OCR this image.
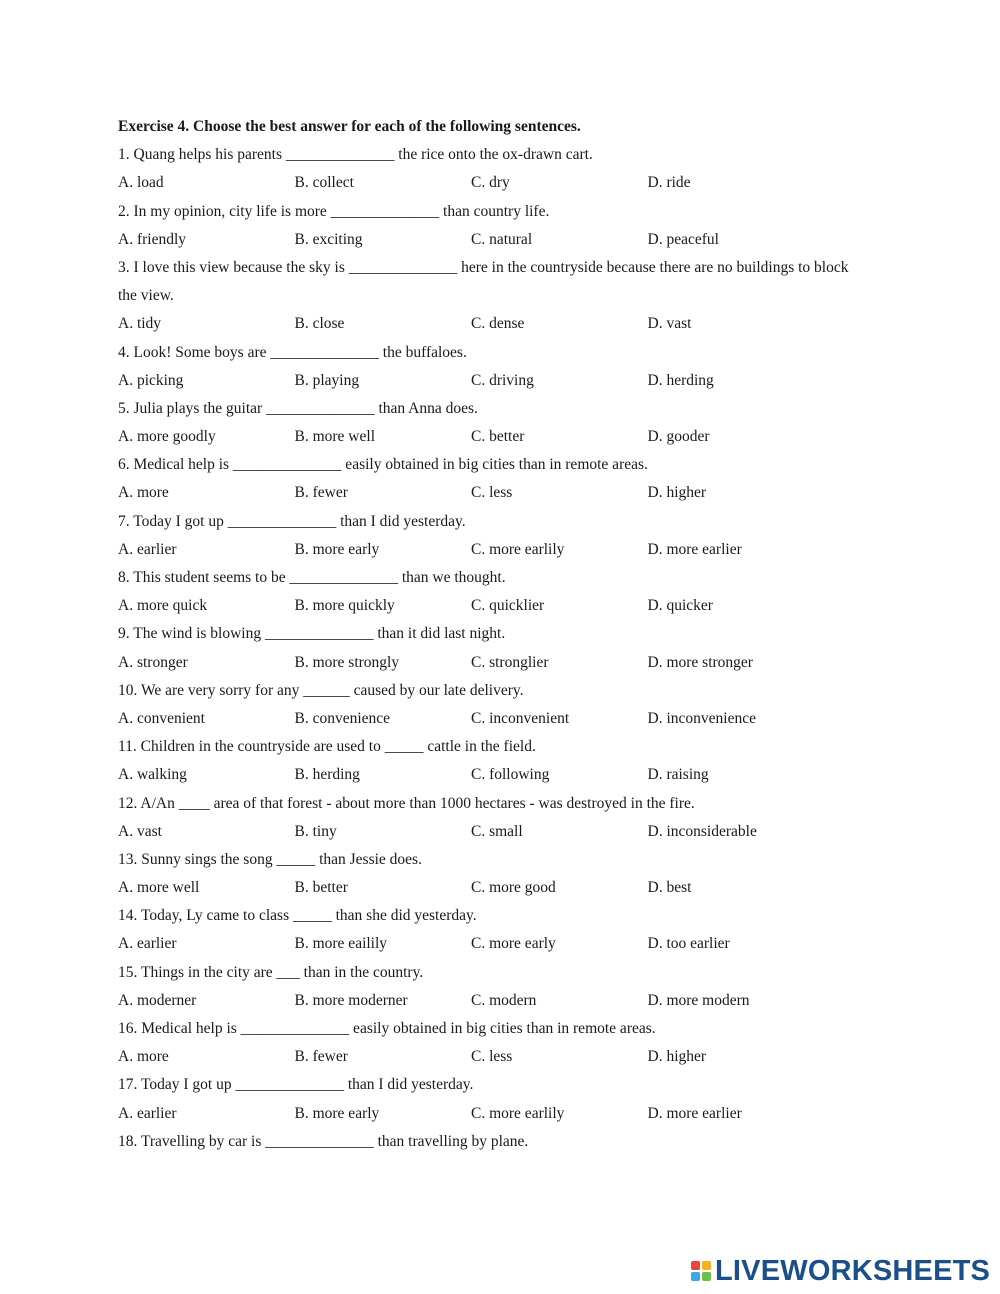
Exercise 4. Choose the best answer for each of the following sentences.
1. Quang helps his parents ______________ the rice onto the ox-drawn cart.
A. load	B. collect	C. dry	D. ride
2. In my opinion, city life is more ______________ than country life.
A. friendly	B. exciting	C. natural	D. peaceful
3. I love this view because the sky is ______________ here in the countryside because there are no buildings to block
the view.
A. tidy	B. close	C. dense	D. vast
4. Look! Some boys are ______________ the buffaloes.
A. picking	B. playing	C. driving	D. herding
5. Julia plays the guitar ______________ than Anna does.
A. more goodly	B. more well	C. better	D. gooder
6. Medical help is ______________ easily obtained in big cities than in remote areas.
A. more	B. fewer	C. less	D. higher
7. Today I got up ______________ than I did yesterday.
A. earlier	B. more early	C. more earlily	D. more earlier
8. This student seems to be ______________ than we thought.
A. more quick	B. more quickly	C. quicklier	D. quicker
9. The wind is blowing ______________ than it did last night.
A. stronger	B. more strongly	C. stronglier	D. more stronger
10. We are very sorry for any ______ caused by our late delivery.
A. convenient	B. convenience	C. inconvenient	D. inconvenience
11. Children in the countryside are used to _____ cattle in the field.
A. walking	B. herding	C. following	D. raising
12. A/An ____ area of that forest - about more than 1000 hectares - was destroyed in the fire.
A. vast	B. tiny	C. small	D. inconsiderable
13. Sunny sings the song _____ than Jessie does.
A. more well	B. better	C. more good	D. best
14. Today, Ly came to class _____ than she did yesterday.
A. earlier	B. more eailily	C. more early	D. too earlier
15. Things in the city are ___ than in the country.
A. moderner	B. more moderner	C. modern	D. more modern
16. Medical help is ______________ easily obtained in big cities than in remote areas.
A. more	B. fewer	C. less	D. higher
17. Today I got up ______________ than I did yesterday.
A. earlier	B. more early	C. more earlily	D. more earlier
18. Travelling by car is ______________ than travelling by plane.
LIVEWORKSHEETS
